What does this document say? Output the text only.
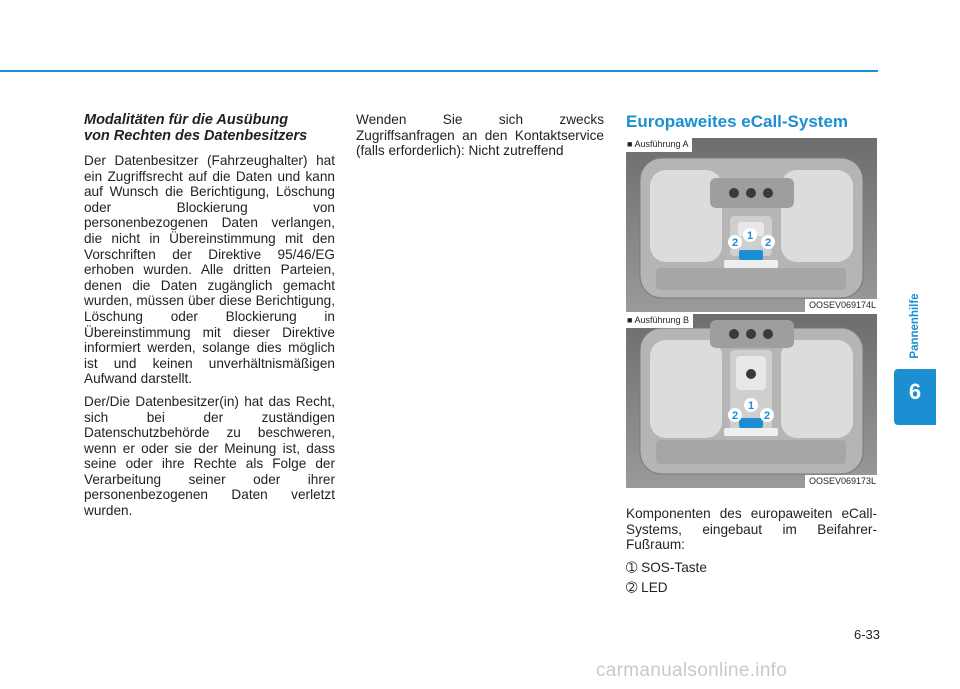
Modalitäten für die Ausübung
von Rechten des Datenbesitzers

Der Datenbesitzer (Fahrzeughalter) hat ein Zugriffsrecht auf die Daten und kann auf Wunsch die Berichtigung, Löschung oder Blockierung von personenbezogenen Daten verlangen, die nicht in Übereinstimmung mit den Vorschriften der Direktive 95/46/EG erhoben wurden. Alle dritten Parteien, denen die Daten zugänglich gemacht wurden, müssen über diese Berichtigung, Löschung oder Blockierung in Übereinstimmung mit dieser Direktive informiert werden, solange dies möglich ist und keinen unverhältnismäßigen Aufwand darstellt.

Der/Die Datenbesitzer(in) hat das Recht, sich bei der zuständigen Datenschutzbehörde zu beschweren, wenn er oder sie der Meinung ist, dass seine oder ihre Rechte als Folge der Verarbeitung seiner oder ihrer personenbezogenen Daten verletzt wurden.

Wenden Sie sich zwecks Zugriffsanfragen an den Kontaktservice (falls erforderlich): Nicht zutreffend

Europaweites eCall-System
1
2 2
■ Ausführung A
OOSEV069174L
1
2 2
■ Ausführung B
OOSEV069173L

Komponenten des europaweiten eCall-Systems, eingebaut im Beifahrer-Fußraum:

➀ SOS-Taste
➁ LED
Pannenhilfe
6
6-33
carmanualsonline.info
